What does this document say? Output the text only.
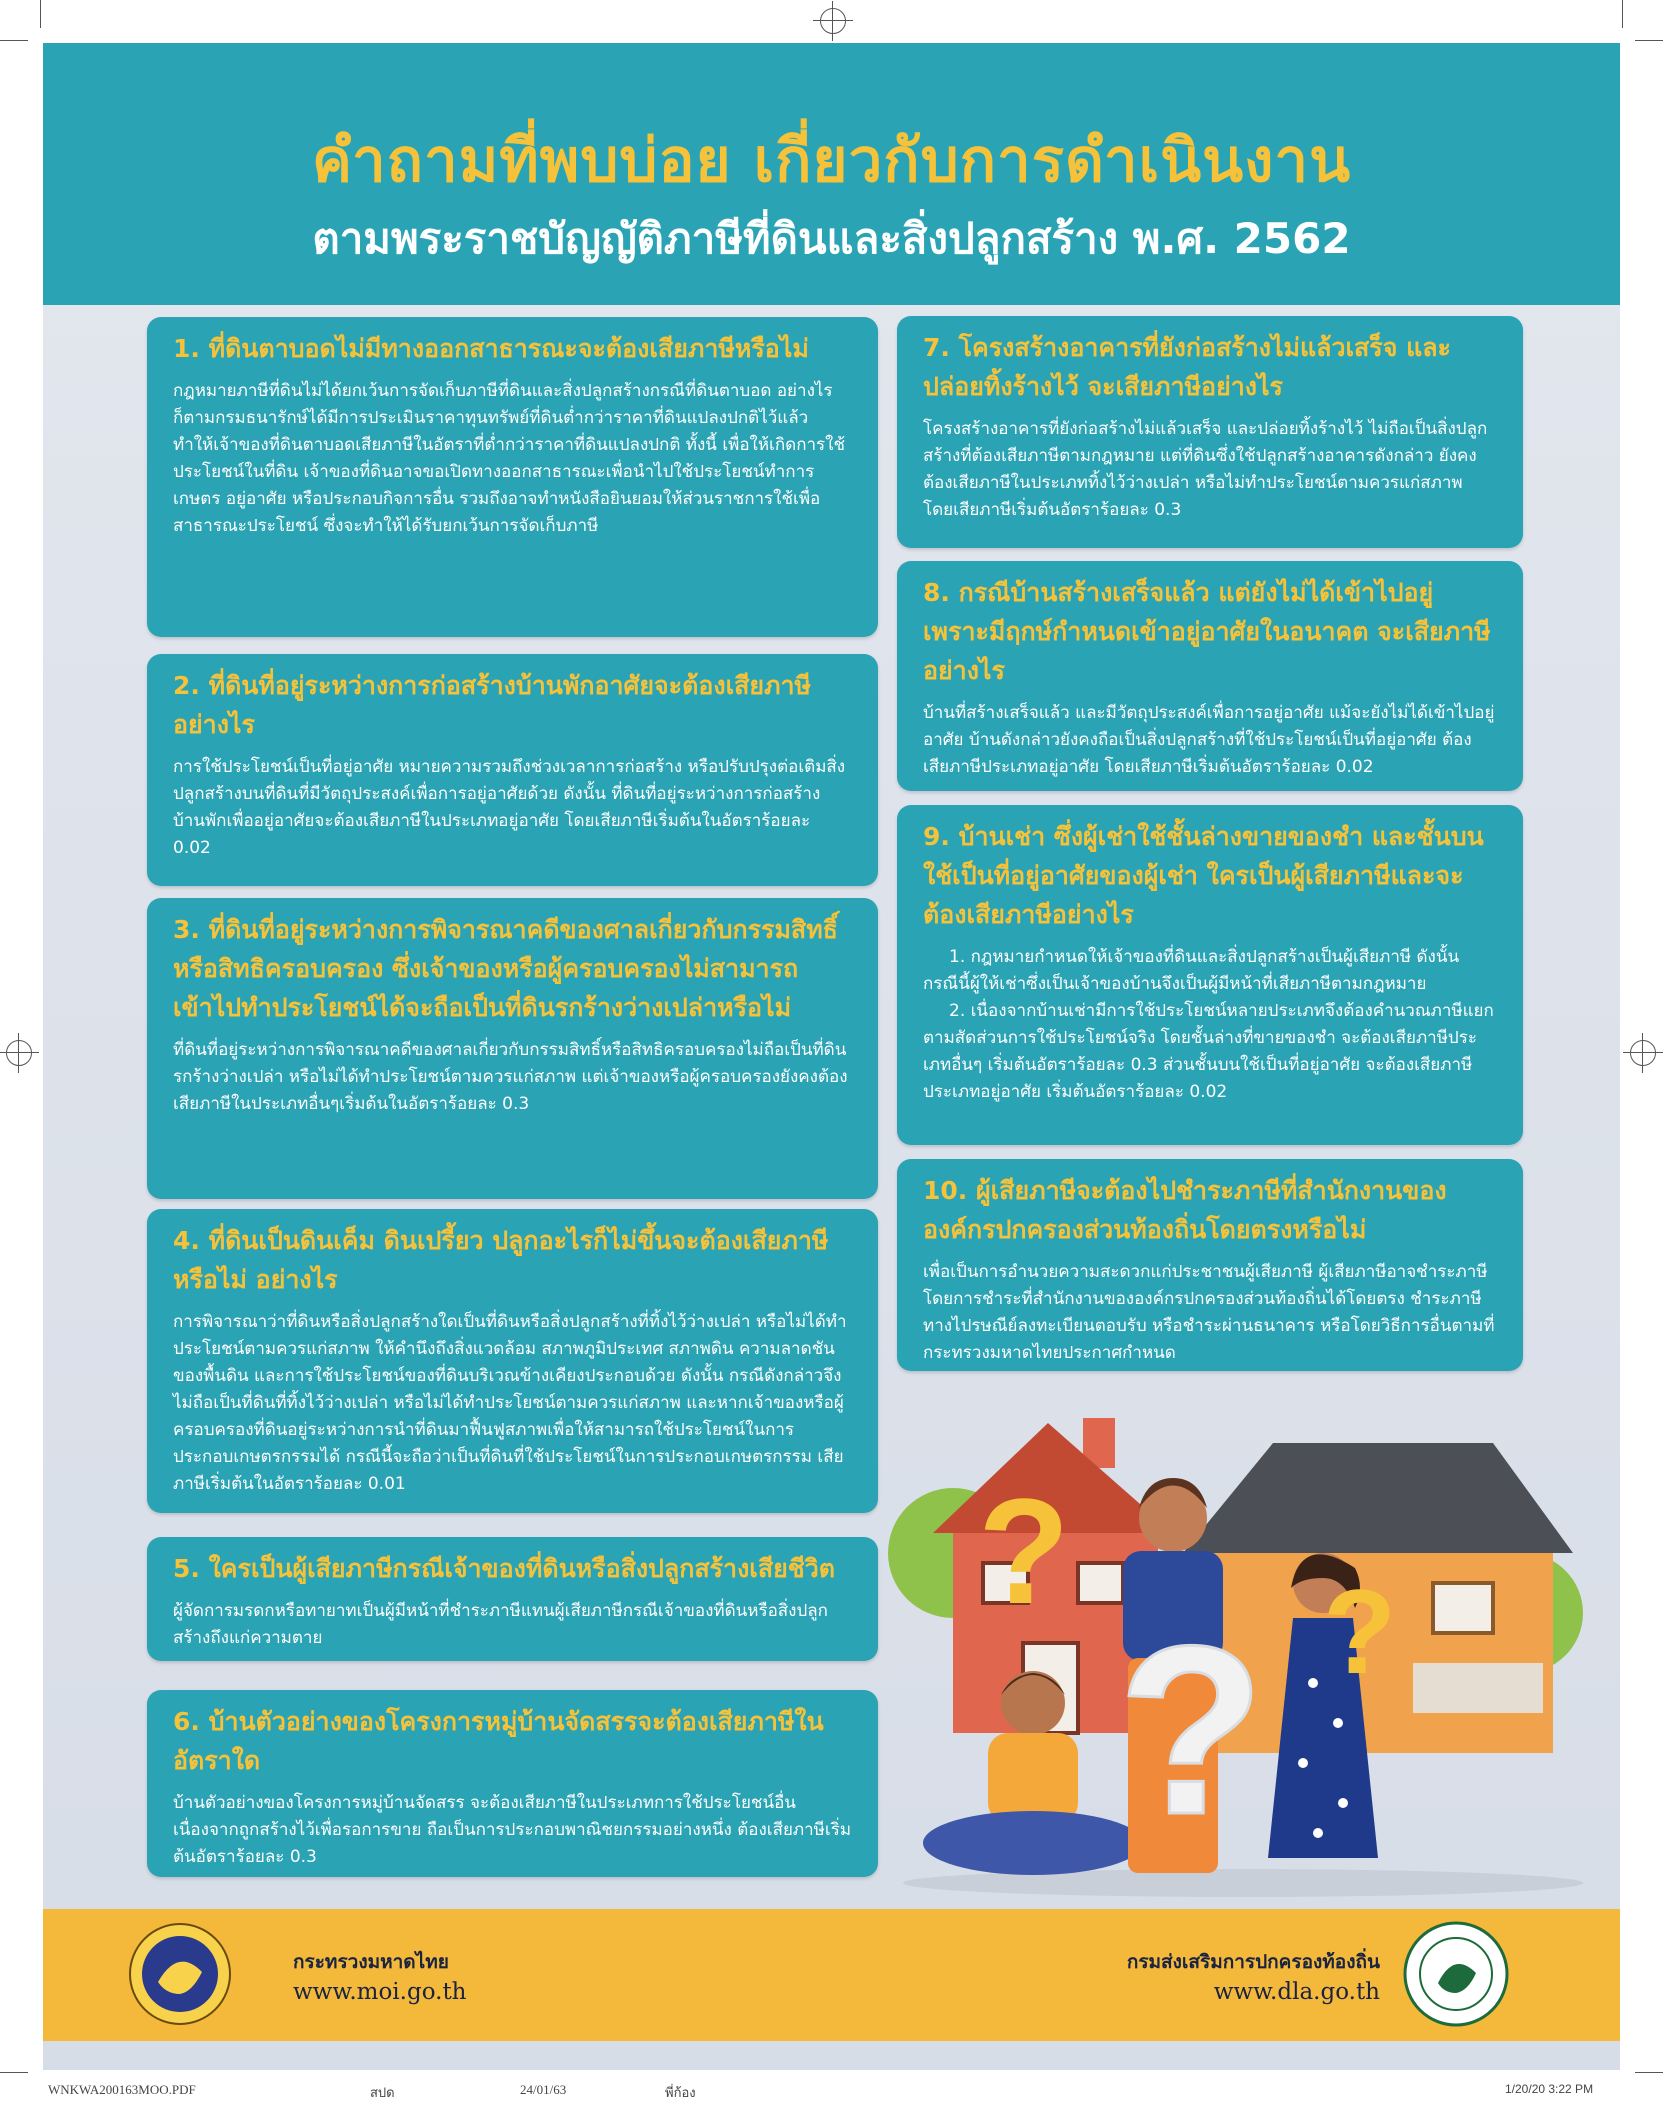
คำถามที่พบบ่อย เกี่ยวกับการดำเนินงาน
ตามพระราชบัญญัติภาษีที่ดินและสิ่งปลูกสร้าง พ.ศ. 2562
1. ที่ดินตาบอดไม่มีทางออกสาธารณะจะต้องเสียภาษีหรือไม่

กฎหมายภาษีที่ดินไม่ได้ยกเว้นการจัดเก็บภาษีที่ดินและสิ่งปลูกสร้างกรณีที่ดินตาบอด อย่างไรก็ตามกรมธนารักษ์ได้มีการประเมินราคาทุนทรัพย์ที่ดินต่ำกว่าราคาที่ดินแปลงปกติไว้แล้ว ทำให้เจ้าของที่ดินตาบอดเสียภาษีในอัตราที่ต่ำกว่าราคาที่ดินแปลงปกติ ทั้งนี้ เพื่อให้เกิดการใช้ประโยชน์ในที่ดิน เจ้าของที่ดินอาจขอเปิดทางออกสาธารณะเพื่อนำไปใช้ประโยชน์ทำการเกษตร อยู่อาศัย หรือประกอบกิจการอื่น รวมถึงอาจทำหนังสือยินยอมให้ส่วนราชการใช้เพื่อสาธารณะประโยชน์ ซึ่งจะทำให้ได้รับยกเว้นการจัดเก็บภาษี

2. ที่ดินที่อยู่ระหว่างการก่อสร้างบ้านพักอาศัยจะต้องเสียภาษีอย่างไร

การใช้ประโยชน์เป็นที่อยู่อาศัย หมายความรวมถึงช่วงเวลาการก่อสร้าง หรือปรับปรุงต่อเติมสิ่งปลูกสร้างบนที่ดินที่มีวัตถุประสงค์เพื่อการอยู่อาศัยด้วย ดังนั้น ที่ดินที่อยู่ระหว่างการก่อสร้างบ้านพักเพื่ออยู่อาศัยจะต้องเสียภาษีในประเภทอยู่อาศัย โดยเสียภาษีเริ่มต้นในอัตราร้อยละ 0.02

3. ที่ดินที่อยู่ระหว่างการพิจารณาคดีของศาลเกี่ยวกับกรรมสิทธิ์หรือสิทธิครอบครอง ซึ่งเจ้าของหรือผู้ครอบครองไม่สามารถเข้าไปทำประโยชน์ได้จะถือเป็นที่ดินรกร้างว่างเปล่าหรือไม่

ที่ดินที่อยู่ระหว่างการพิจารณาคดีของศาลเกี่ยวกับกรรมสิทธิ์หรือสิทธิครอบครองไม่ถือเป็นที่ดินรกร้างว่างเปล่า หรือไม่ได้ทำประโยชน์ตามควรแก่สภาพ แต่เจ้าของหรือผู้ครอบครองยังคงต้องเสียภาษีในประเภทอื่นๆเริ่มต้นในอัตราร้อยละ 0.3

4. ที่ดินเป็นดินเค็ม ดินเปรี้ยว ปลูกอะไรก็ไม่ขึ้นจะต้องเสียภาษีหรือไม่ อย่างไร

การพิจารณาว่าที่ดินหรือสิ่งปลูกสร้างใดเป็นที่ดินหรือสิ่งปลูกสร้างที่ทิ้งไว้ว่างเปล่า หรือไม่ได้ทำประโยชน์ตามควรแก่สภาพ ให้คำนึงถึงสิ่งแวดล้อม สภาพภูมิประเทศ สภาพดิน ความลาดชันของพื้นดิน และการใช้ประโยชน์ของที่ดินบริเวณข้างเคียงประกอบด้วย ดังนั้น กรณีดังกล่าวจึงไม่ถือเป็นที่ดินที่ทิ้งไว้ว่างเปล่า หรือไม่ได้ทำประโยชน์ตามควรแก่สภาพ และหากเจ้าของหรือผู้ครอบครองที่ดินอยู่ระหว่างการนำที่ดินมาฟื้นฟูสภาพเพื่อให้สามารถใช้ประโยชน์ในการประกอบเกษตรกรรมได้ กรณีนี้จะถือว่าเป็นที่ดินที่ใช้ประโยชน์ในการประกอบเกษตรกรรม เสียภาษีเริ่มต้นในอัตราร้อยละ 0.01

5. ใครเป็นผู้เสียภาษีกรณีเจ้าของที่ดินหรือสิ่งปลูกสร้างเสียชีวิต

ผู้จัดการมรดกหรือทายาทเป็นผู้มีหน้าที่ชำระภาษีแทนผู้เสียภาษีกรณีเจ้าของที่ดินหรือสิ่งปลูกสร้างถึงแก่ความตาย

6. บ้านตัวอย่างของโครงการหมู่บ้านจัดสรรจะต้องเสียภาษีในอัตราใด

บ้านตัวอย่างของโครงการหมู่บ้านจัดสรร จะต้องเสียภาษีในประเภทการใช้ประโยชน์อื่น เนื่องจากถูกสร้างไว้เพื่อรอการขาย ถือเป็นการประกอบพาณิชยกรรมอย่างหนึ่ง ต้องเสียภาษีเริ่มต้นอัตราร้อยละ 0.3

7. โครงสร้างอาคารที่ยังก่อสร้างไม่แล้วเสร็จ และปล่อยทิ้งร้างไว้ จะเสียภาษีอย่างไร

โครงสร้างอาคารที่ยังก่อสร้างไม่แล้วเสร็จ และปล่อยทิ้งร้างไว้ ไม่ถือเป็นสิ่งปลูกสร้างที่ต้องเสียภาษีตามกฎหมาย แต่ที่ดินซึ่งใช้ปลูกสร้างอาคารดังกล่าว ยังคงต้องเสียภาษีในประเภททิ้งไว้ว่างเปล่า หรือไม่ทำประโยชน์ตามควรแก่สภาพ โดยเสียภาษีเริ่มต้นอัตราร้อยละ 0.3

8. กรณีบ้านสร้างเสร็จแล้ว แต่ยังไม่ได้เข้าไปอยู่ เพราะมีฤกษ์กำหนดเข้าอยู่อาศัยในอนาคต จะเสียภาษีอย่างไร

บ้านที่สร้างเสร็จแล้ว และมีวัตถุประสงค์เพื่อการอยู่อาศัย แม้จะยังไม่ได้เข้าไปอยู่อาศัย บ้านดังกล่าวยังคงถือเป็นสิ่งปลูกสร้างที่ใช้ประโยชน์เป็นที่อยู่อาศัย ต้องเสียภาษีประเภทอยู่อาศัย โดยเสียภาษีเริ่มต้นอัตราร้อยละ 0.02

9. บ้านเช่า ซึ่งผู้เช่าใช้ชั้นล่างขายของชำ และชั้นบนใช้เป็นที่อยู่อาศัยของผู้เช่า ใครเป็นผู้เสียภาษีและจะต้องเสียภาษีอย่างไร

1. กฎหมายกำหนดให้เจ้าของที่ดินและสิ่งปลูกสร้างเป็นผู้เสียภาษี ดังนั้น กรณีนี้ผู้ให้เช่าซึ่งเป็นเจ้าของบ้านจึงเป็นผู้มีหน้าที่เสียภาษีตามกฎหมาย

2. เนื่องจากบ้านเช่ามีการใช้ประโยชน์หลายประเภทจึงต้องคำนวณภาษีแยกตามสัดส่วนการใช้ประโยชน์จริง โดยชั้นล่างที่ขายของชำ จะต้องเสียภาษีประเภทอื่นๆ เริ่มต้นอัตราร้อยละ 0.3 ส่วนชั้นบนใช้เป็นที่อยู่อาศัย จะต้องเสียภาษีประเภทอยู่อาศัย เริ่มต้นอัตราร้อยละ 0.02

10. ผู้เสียภาษีจะต้องไปชำระภาษีที่สำนักงานขององค์กรปกครองส่วนท้องถิ่นโดยตรงหรือไม่

เพื่อเป็นการอำนวยความสะดวกแก่ประชาชนผู้เสียภาษี ผู้เสียภาษีอาจชำระภาษีโดยการชำระที่สำนักงานขององค์กรปกครองส่วนท้องถิ่นได้โดยตรง ชำระภาษีทางไปรษณีย์ลงทะเบียนตอบรับ หรือชำระผ่านธนาคาร หรือโดยวิธีการอื่นตามที่กระทรวงมหาดไทยประกาศกำหนด

?
? ?
กระทรวงมหาดไทย
www.moi.go.th
กรมส่งเสริมการปกครองท้องถิ่น
www.dla.go.th
WNKWA200163MOO.PDF	สปด	24/01/63	พี่ก้อง	1/20/20 3:22 PM
